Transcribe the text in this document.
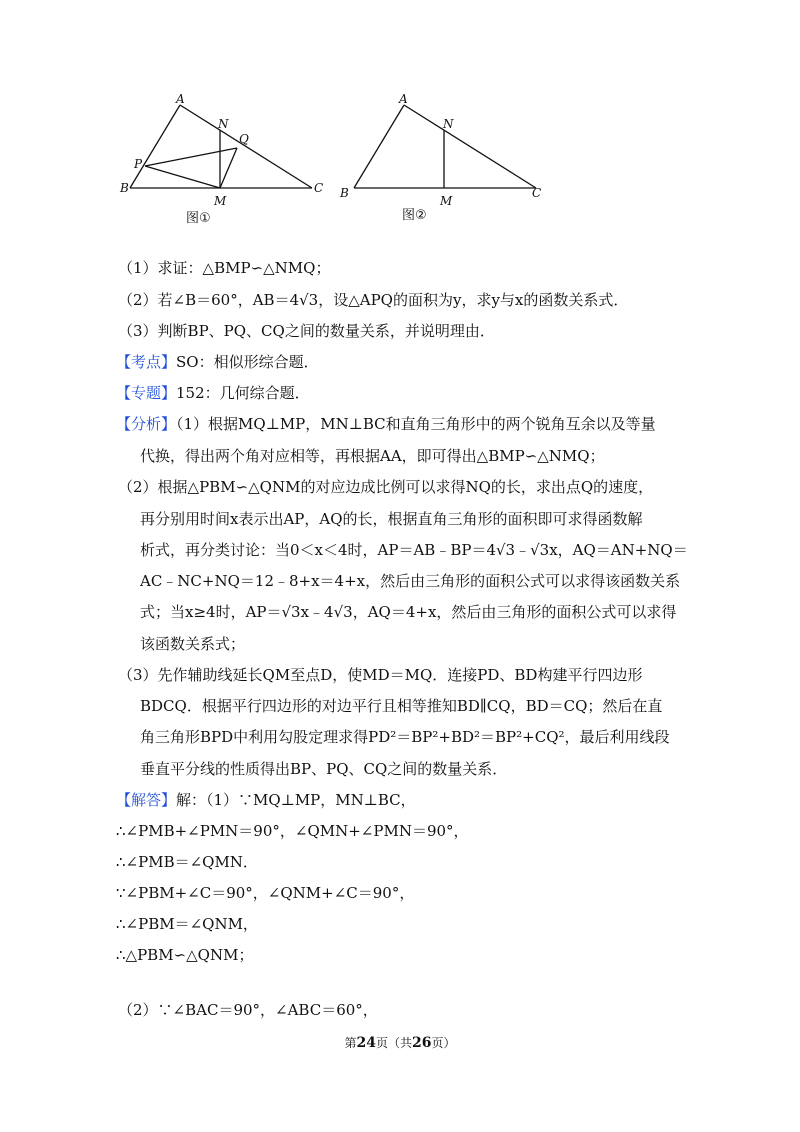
A
N
Q
P
B
M
C
图①
A
N
B
M
C
图②
（1）求证：△BMP∽△NMQ；
（2）若∠B＝60°，AB＝4√3，设△APQ的面积为y，求y与x的函数关系式．
（3）判断BP、PQ、CQ之间的数量关系，并说明理由．
【考点】SO：相似形综合题．
【专题】152：几何综合题．
【分析】（1）根据MQ⊥MP，MN⊥BC和直角三角形中的两个锐角互余以及等量
代换，得出两个角对应相等，再根据AA，即可得出△BMP∽△NMQ；
（2）根据△PBM∽△QNM的对应边成比例可以求得NQ的长，求出点Q的速度，
再分别用时间x表示出AP，AQ的长，根据直角三角形的面积即可求得函数解
析式，再分类讨论：当0＜x＜4时，AP＝AB﹣BP＝4√3﹣√3x，AQ＝AN+NQ＝
AC﹣NC+NQ＝12﹣8+x＝4+x，然后由三角形的面积公式可以求得该函数关系
式；当x≥4时，AP＝√3x﹣4√3，AQ＝4+x，然后由三角形的面积公式可以求得
该函数关系式；
（3）先作辅助线延长QM至点D，使MD＝MQ．连接PD、BD构建平行四边形
BDCQ．根据平行四边形的对边平行且相等推知BD∥CQ，BD＝CQ；然后在直
角三角形BPD中利用勾股定理求得PD²＝BP²+BD²＝BP²+CQ²，最后利用线段
垂直平分线的性质得出BP、PQ、CQ之间的数量关系．
【解答】解：（1）∵MQ⊥MP，MN⊥BC，
∴∠PMB+∠PMN＝90°，∠QMN+∠PMN＝90°，
∴∠PMB＝∠QMN．
∵∠PBM+∠C＝90°，∠QNM+∠C＝90°，
∴∠PBM＝∠QNM，
∴△PBM∽△QNM；
（2）∵∠BAC＝90°，∠ABC＝60°，
第24页（共26页）
